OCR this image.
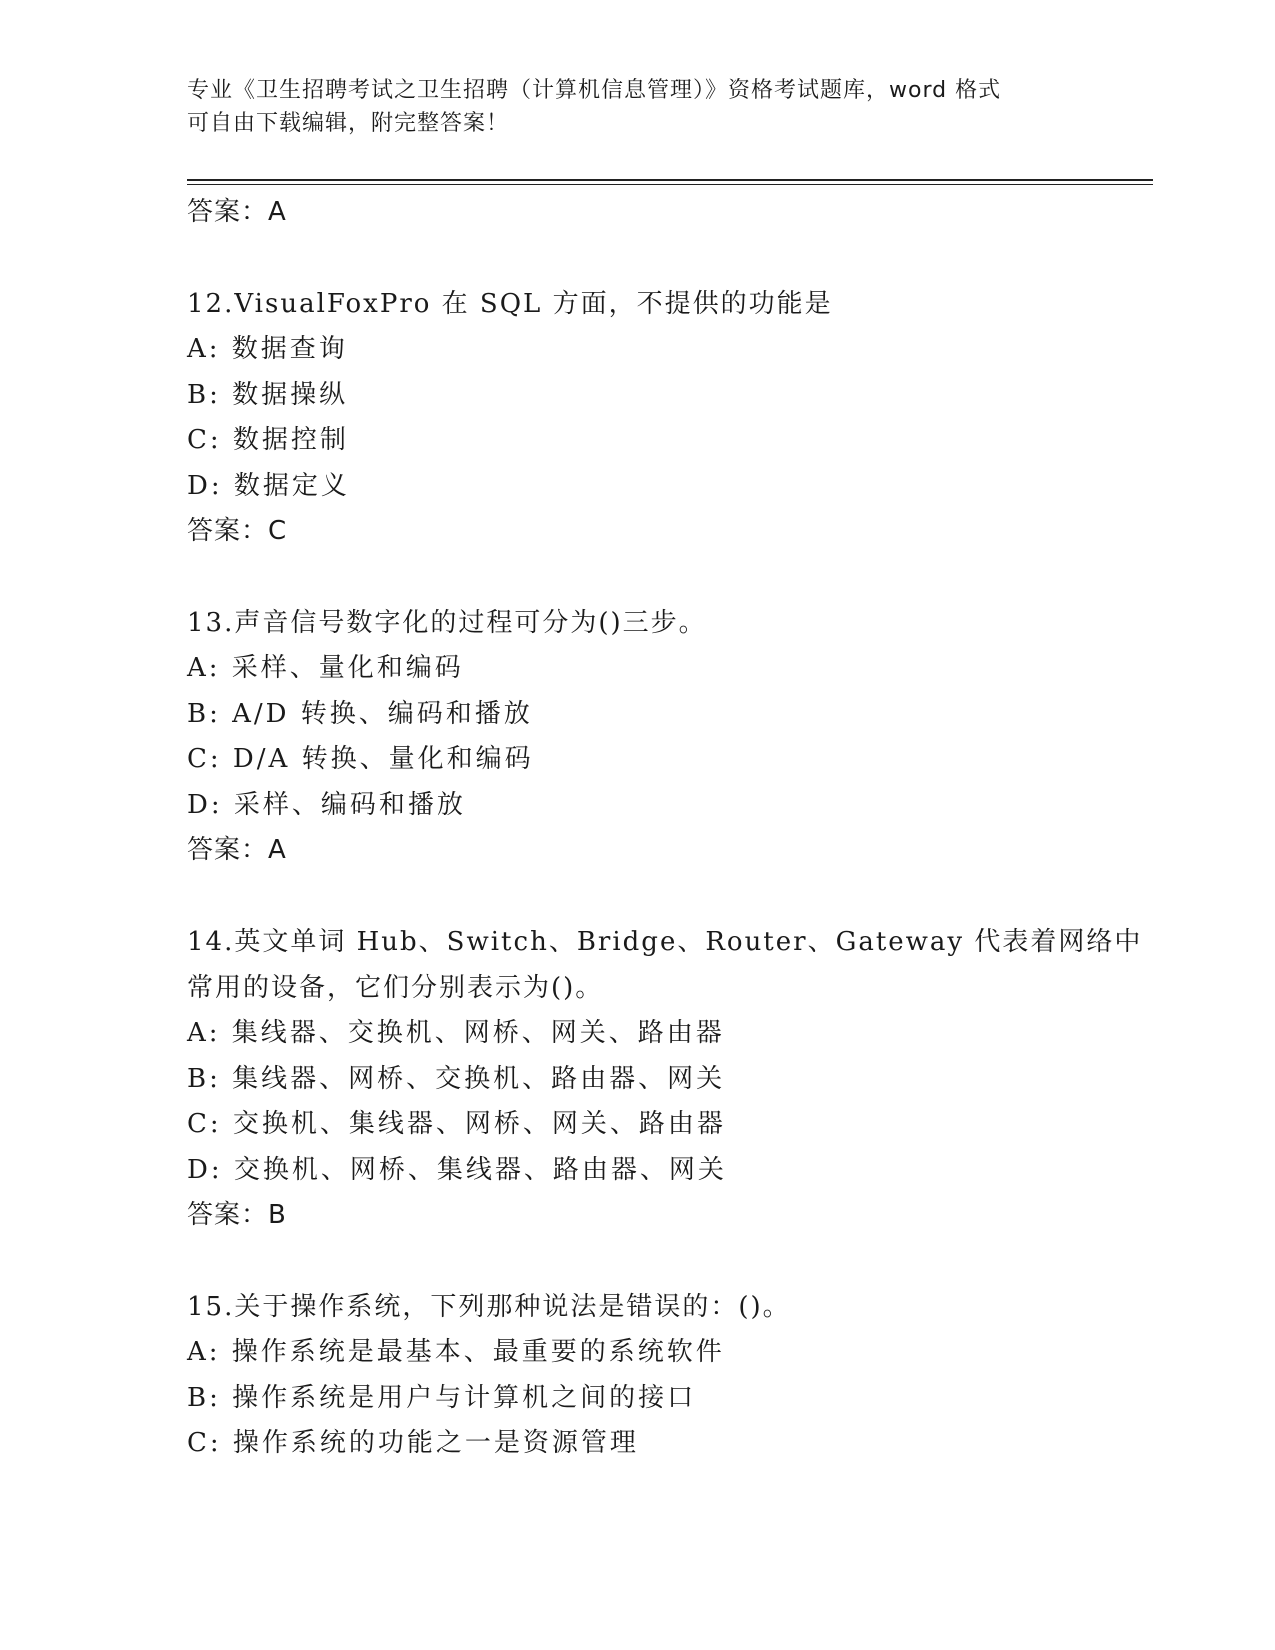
专业《卫生招聘考试之卫生招聘（计算机信息管理）》资格考试题库，word 格式
可自由下载编辑，附完整答案！
答案：A
12.VisualFoxPro 在 SQL 方面，不提供的功能是
A: 数据查询
B: 数据操纵
C: 数据控制
D: 数据定义
答案：C
13.声音信号数字化的过程可分为()三步。
A: 采样、量化和编码
B: A/D 转换、编码和播放
C: D/A 转换、量化和编码
D: 采样、编码和播放
答案：A
14.英文单词 Hub、Switch、Bridge、Router、Gateway 代表着网络中
常用的设备，它们分别表示为()。
A: 集线器、交换机、网桥、网关、路由器
B: 集线器、网桥、交换机、路由器、网关
C: 交换机、集线器、网桥、网关、路由器
D: 交换机、网桥、集线器、路由器、网关
答案：B
15.关于操作系统，下列那种说法是错误的：()。
A: 操作系统是最基本、最重要的系统软件
B: 操作系统是用户与计算机之间的接口
C: 操作系统的功能之一是资源管理
